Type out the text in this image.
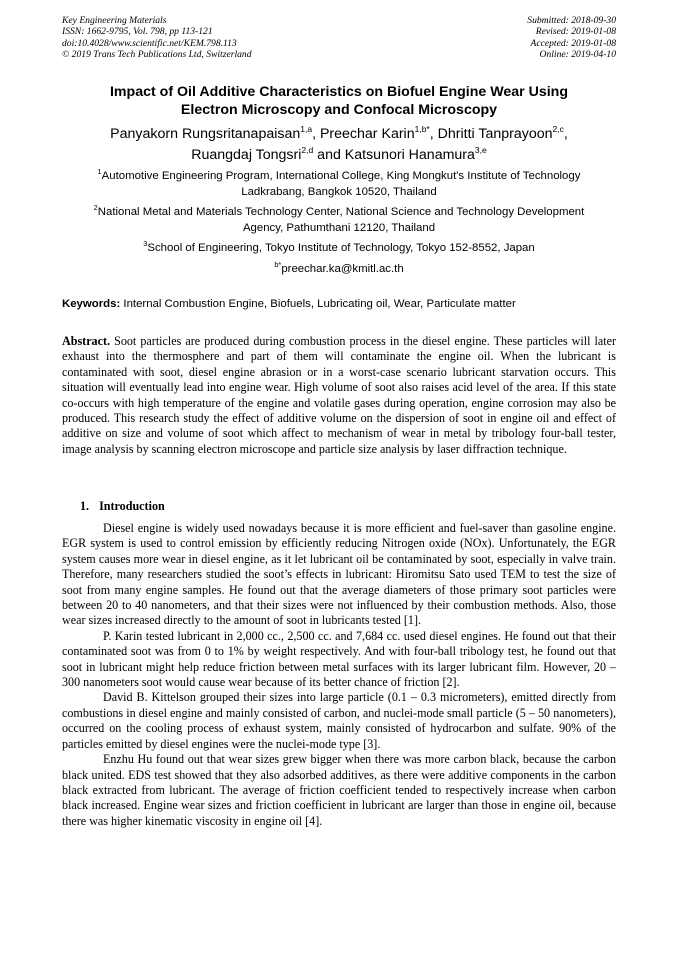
Key Engineering Materials
ISSN: 1662-9795, Vol. 798, pp 113-121
doi:10.4028/www.scientific.net/KEM.798.113
© 2019 Trans Tech Publications Ltd, Switzerland
Submitted: 2018-09-30
Revised: 2019-01-08
Accepted: 2019-01-08
Online: 2019-04-10
Impact of Oil Additive Characteristics on Biofuel Engine Wear Using
Electron Microscopy and Confocal Microscopy
Panyakorn Rungsritanapaisan$^{1,a}$, Preechar Karin$^{1,b*}$, Dhritti Tanprayoon$^{2,c}$,
Ruangdaj Tongsri$^{2,d}$ and Katsunori Hanamura$^{3,e}$
$^1$Automotive Engineering Program, International College, King Mongkut's Institute of Technology
Ladkrabang, Bangkok 10520, Thailand
$^2$National Metal and Materials Technology Center, National Science and Technology Development
Agency, Pathumthani 12120, Thailand
$^3$School of Engineering, Tokyo Institute of Technology, Tokyo 152-8552, Japan
$^{b*}$preechar.ka@kmitl.ac.th
Keywords: Internal Combustion Engine, Biofuels, Lubricating oil, Wear, Particulate matter
Abstract. Soot particles are produced during combustion process in the diesel engine. These particles will later exhaust into the thermosphere and part of them will contaminate the engine oil. When the lubricant is contaminated with soot, diesel engine abrasion or in a worst-case scenario lubricant starvation occurs. This situation will eventually lead into engine wear. High volume of soot also raises acid level of the area. If this state co-occurs with high temperature of the engine and volatile gases during operation, engine corrosion may also be produced. This research study the effect of additive volume on the dispersion of soot in engine oil and effect of additive on size and volume of soot which affect to mechanism of wear in metal by tribology four-ball tester, image analysis by scanning electron microscope and particle size analysis by laser diffraction technique.
1. Introduction

Diesel engine is widely used nowadays because it is more efficient and fuel-saver than gasoline engine. EGR system is used to control emission by efficiently reducing Nitrogen oxide (NOx). Unfortunately, the EGR system causes more wear in diesel engine, as it let lubricant oil be contaminated by soot, especially in valve train. Therefore, many researchers studied the soot’s effects in lubricant: Hiromitsu Sato used TEM to test the size of soot from many engine samples. He found out that the average diameters of those primary soot particles were between 20 to 40 nanometers, and that their sizes were not influenced by their combustion methods. Also, those wear sizes increased directly to the amount of soot in lubricants tested [1].

P. Karin tested lubricant in 2,000 cc., 2,500 cc. and 7,684 cc. used diesel engines. He found out that their contaminated soot was from 0 to 1% by weight respectively. And with four-ball tribology test, he found out that soot in lubricant might help reduce friction between metal surfaces with its larger lubricant film. However, 20 – 300 nanometers soot would cause wear because of its better chance of friction [2].

David B. Kittelson grouped their sizes into large particle (0.1 – 0.3 micrometers), emitted directly from combustions in diesel engine and mainly consisted of carbon, and nuclei-mode small particle (5 – 50 nanometers), occurred on the cooling process of exhaust system, mainly consisted of hydrocarbon and sulfate. 90% of the particles emitted by diesel engines were the nuclei-mode type [3].

Enzhu Hu found out that wear sizes grew bigger when there was more carbon black, because the carbon black united. EDS test showed that they also adsorbed additives, as there were additive components in the carbon black extracted from lubricant. The average of friction coefficient tended to respectively increase when carbon black increased. Engine wear sizes and friction coefficient in lubricant are larger than those in engine oil, because there was higher kinematic viscosity in engine oil [4].
